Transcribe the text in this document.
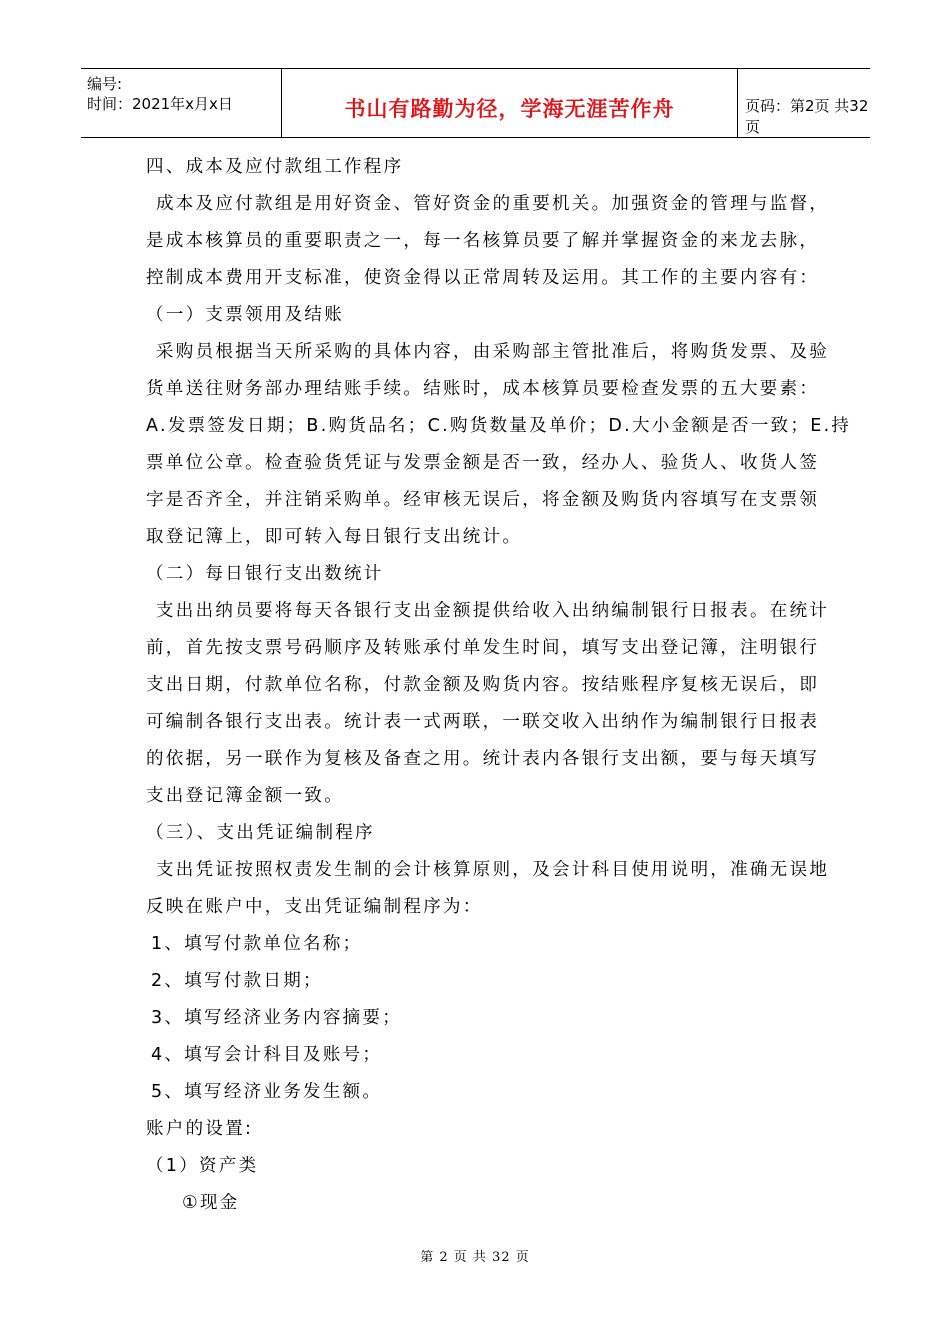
编号:
时间：2021年x月x日	书山有路勤为径，学海无涯苦作舟	页码：第2页 共32页

四、成本及应付款组工作程序

成本及应付款组是用好资金、管好资金的重要机关。加强资金的管理与监督，

是成本核算员的重要职责之一，每一名核算员要了解并掌握资金的来龙去脉，

控制成本费用开支标准，使资金得以正常周转及运用。其工作的主要内容有：

（一）支票领用及结账

采购员根据当天所采购的具体内容，由采购部主管批准后，将购货发票、及验

货单送往财务部办理结账手续。结账时，成本核算员要检查发票的五大要素：

A.发票签发日期；B.购货品名；C.购货数量及单价；D.大小金额是否一致；E.持

票单位公章。检查验货凭证与发票金额是否一致，经办人、验货人、收货人签

字是否齐全，并注销采购单。经审核无误后，将金额及购货内容填写在支票领

取登记簿上，即可转入每日银行支出统计。

（二）每日银行支出数统计

支出出纳员要将每天各银行支出金额提供给收入出纳编制银行日报表。在统计

前，首先按支票号码顺序及转账承付单发生时间，填写支出登记簿，注明银行

支出日期，付款单位名称，付款金额及购货内容。按结账程序复核无误后，即

可编制各银行支出表。统计表一式两联，一联交收入出纳作为编制银行日报表

的依据，另一联作为复核及备查之用。统计表内各银行支出额，要与每天填写

支出登记簿金额一致。

（三）、支出凭证编制程序

支出凭证按照权责发生制的会计核算原则，及会计科目使用说明，准确无误地

反映在账户中，支出凭证编制程序为：

1、填写付款单位名称；

2、填写付款日期；

3、填写经济业务内容摘要；

4、填写会计科目及账号；

5、填写经济业务发生额。

账户的设置:

（1）资产类

①现金

第 2 页 共 32 页
